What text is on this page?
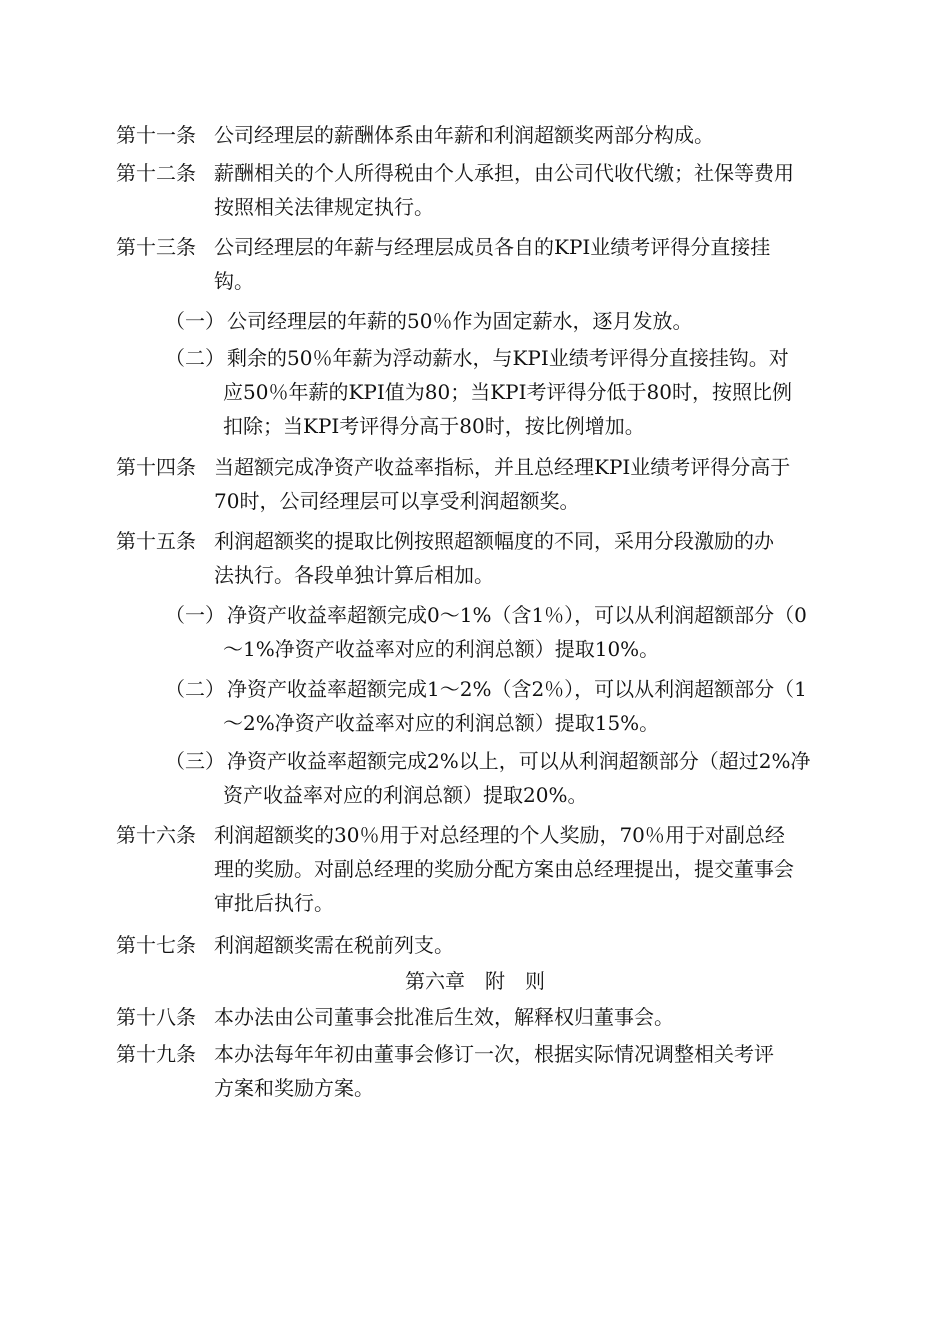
第十一条 公司经理层的薪酬体系由年薪和利润超额奖两部分构成。
第十二条 薪酬相关的个人所得税由个人承担，由公司代收代缴；社保等费用
按照相关法律规定执行。
第十三条 公司经理层的年薪与经理层成员各自的KPI业绩考评得分直接挂
钩。
（一） 公司经理层的年薪的50％作为固定薪水，逐月发放。
（二） 剩余的50％年薪为浮动薪水，与KPI业绩考评得分直接挂钩。对
应50％年薪的KPI值为80；当KPI考评得分低于80时，按照比例
扣除；当KPI考评得分高于80时，按比例增加。
第十四条 当超额完成净资产收益率指标，并且总经理KPI业绩考评得分高于
70时，公司经理层可以享受利润超额奖。
第十五条 利润超额奖的提取比例按照超额幅度的不同，采用分段激励的办
法执行。各段单独计算后相加。
（一） 净资产收益率超额完成0～1%（含1％），可以从利润超额部分（0
～1%净资产收益率对应的利润总额）提取10%。
（二） 净资产收益率超额完成1～2%（含2％），可以从利润超额部分（1
～2%净资产收益率对应的利润总额）提取15%。
（三） 净资产收益率超额完成2%以上，可以从利润超额部分（超过2%净
资产收益率对应的利润总额）提取20%。
第十六条 利润超额奖的30％用于对总经理的个人奖励，70％用于对副总经
理的奖励。对副总经理的奖励分配方案由总经理提出，提交董事会
审批后执行。
第十七条 利润超额奖需在税前列支。
第六章　附　则
第十八条 本办法由公司董事会批准后生效，解释权归董事会。
第十九条 本办法每年年初由董事会修订一次，根据实际情况调整相关考评
方案和奖励方案。
